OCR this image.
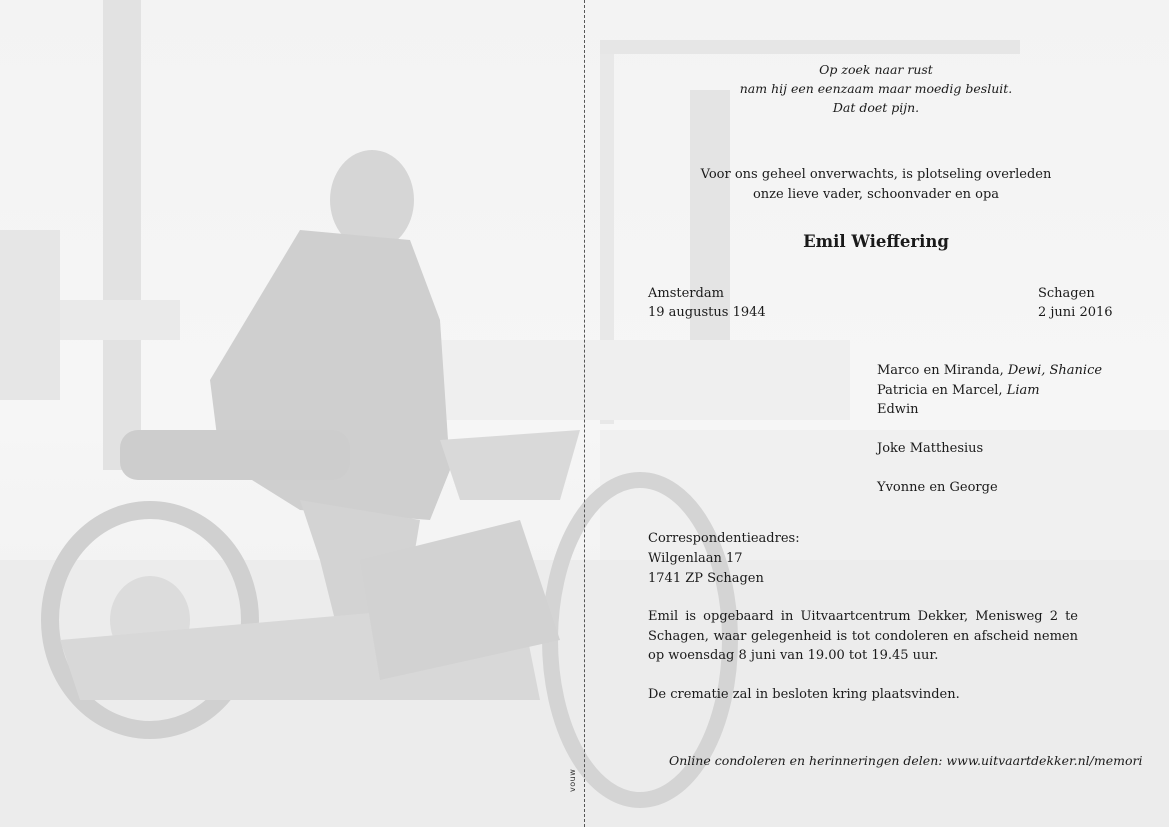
vouw
Op zoek naar rust
nam hij een eenzaam maar moedig besluit.
Dat doet pijn.
Voor ons geheel onverwachts, is plotseling overleden
onze lieve vader, schoonvader en opa
Emil Wieffering
Amsterdam
19 augustus 1944
Schagen
2 juni 2016
Marco en Miranda, Dewi, Shanice
Patricia en Marcel, Liam
Edwin
Joke Matthesius
Yvonne en George
Correspondentieadres:
Wilgenlaan 17
1741 ZP Schagen
Emil is opgebaard in Uitvaartcentrum Dekker, Menisweg 2 te Schagen, waar gelegenheid is tot condoleren en afscheid nemen op woensdag 8 juni van 19.00 tot 19.45 uur.
De crematie zal in besloten kring plaatsvinden.
Online condoleren en herinneringen delen: www.uitvaartdekker.nl/memori
